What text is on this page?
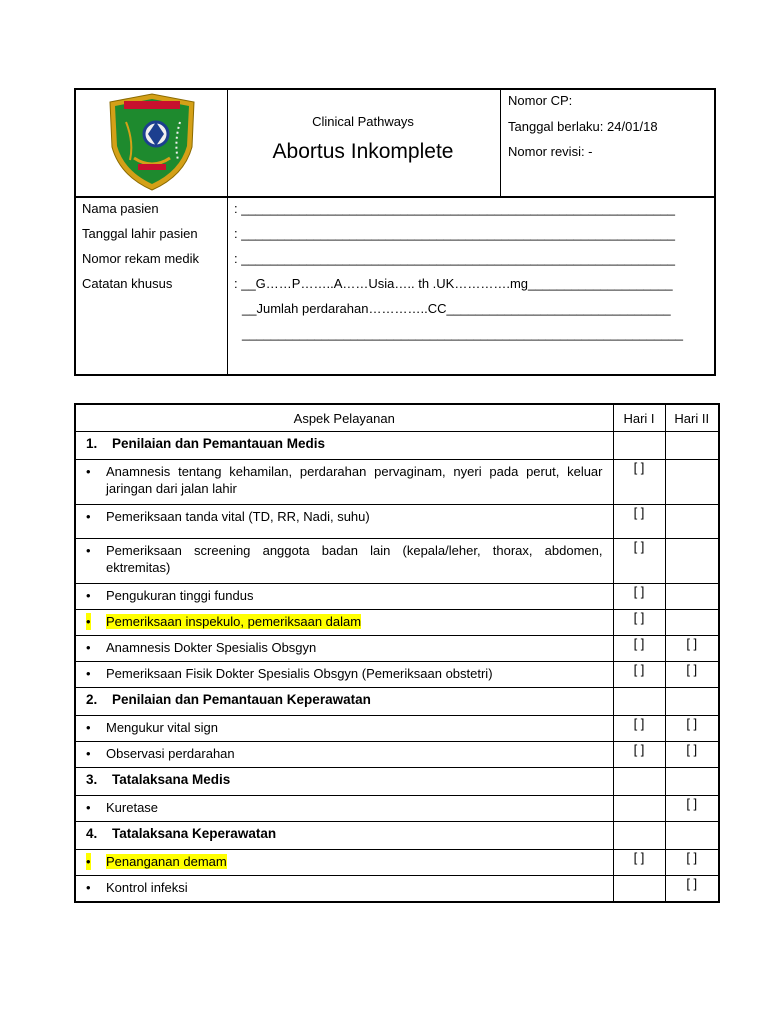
Clinical Pathways
Abortus Inkomplete
Nomor CP:
Tanggal berlaku: 24/01/18
Nomor revisi: -
Nama pasien	: ____________________________________________________________
Tanggal lahir pasien	: ____________________________________________________________
Nomor rekam medik	: ____________________________________________________________
Catatan khusus	: __G……P……..A……Usia….. th .UK………….mg____________________
__Jumlah perdarahan…………..CC_______________________________
_____________________________________________________________
Aspek Pelayanan	Hari I	Hari II

1. Penilaian dan Pemantauan Medis		

• Anamnesis tentang kehamilan, perdarahan pervaginam, nyeri pada perut, keluar jaringan dari jalan lahir	[ ]	

• Pemeriksaan tanda vital (TD, RR, Nadi, suhu)	[ ]	

• Pemeriksaan screening anggota badan lain (kepala/leher, thorax, abdomen, ektremitas)	[ ]	

• Pengukuran tinggi fundus	[ ]	

• Pemeriksaan inspekulo, pemeriksaan dalam	[ ]	

• Anamnesis Dokter Spesialis Obsgyn	[ ]	[ ]

• Pemeriksaan Fisik Dokter Spesialis Obsgyn (Pemeriksaan obstetri)	[ ]	[ ]

2. Penilaian dan Pemantauan Keperawatan		

• Mengukur vital sign	[ ]	[ ]

• Observasi perdarahan	[ ]	[ ]

3. Tatalaksana Medis		

• Kuretase		[ ]

4. Tatalaksana Keperawatan		

• Penanganan demam	[ ]	[ ]

• Kontrol infeksi		[ ]
